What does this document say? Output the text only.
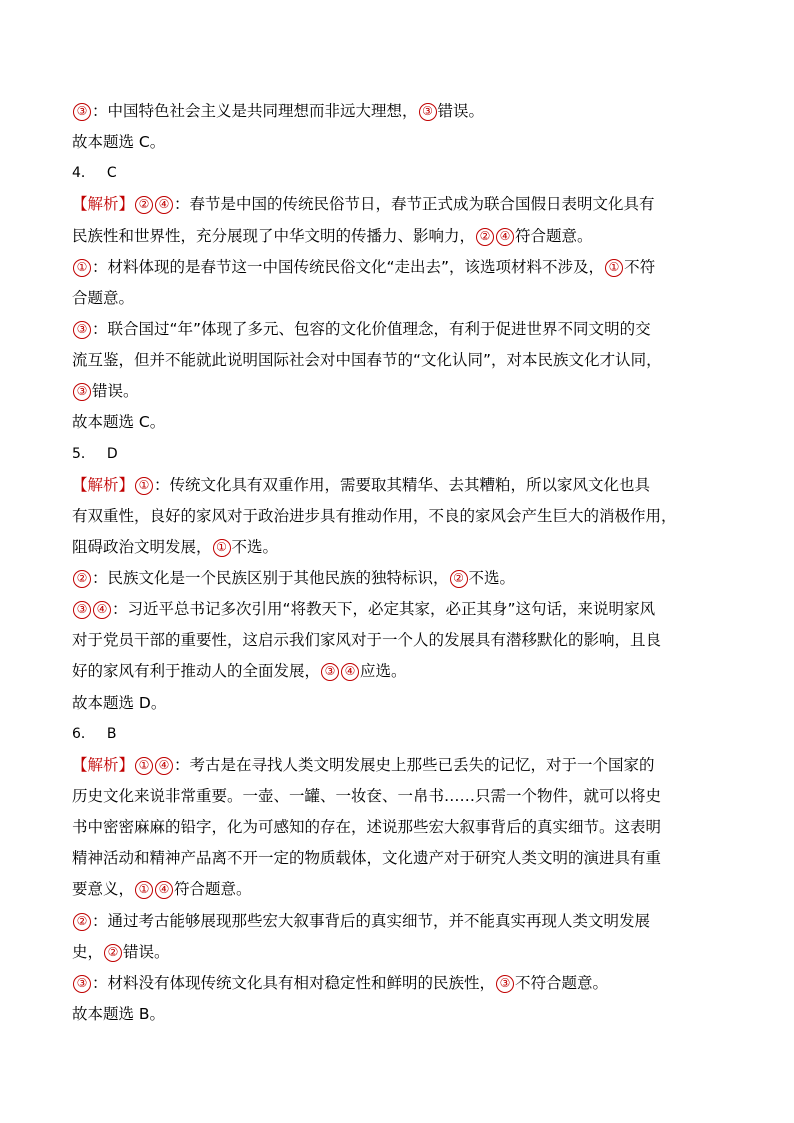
③ ：中国特色社会主义是共同理想而非远大理想， ③ 错误。
故本题选 C。
4． C
【解析】 ② ④ ：春节是中国的传统民俗节日，春节正式成为联合国假日表明文化具有
民族性和世界性，充分展现了中华文明的传播力、影响力， ② ④ 符合题意。
① ：材料体现的是春节这一中国传统民俗文化“走出去”，该选项材料不涉及， ① 不符
合题意。
③ ：联合国过“年”体现了多元、包容的文化价值理念，有利于促进世界不同文明的交
流互鉴，但并不能就此说明国际社会对中国春节的“文化认同”，对本民族文化才认同，
③ 错误。
故本题选 C。
5． D
【解析】 ① ：传统文化具有双重作用，需要取其精华、去其糟粕，所以家风文化也具
有双重性，良好的家风对于政治进步具有推动作用，不良的家风会产生巨大的消极作用，
阻碍政治文明发展， ① 不选。
② ：民族文化是一个民族区别于其他民族的独特标识， ② 不选。
③ ④ ：习近平总书记多次引用“将教天下，必定其家，必正其身”这句话，来说明家风
对于党员干部的重要性，这启示我们家风对于一个人的发展具有潜移默化的影响，且良
好的家风有利于推动人的全面发展， ③ ④ 应选。
故本题选 D。
6． B
【解析】 ① ④ ：考古是在寻找人类文明发展史上那些已丢失的记忆，对于一个国家的
历史文化来说非常重要。一壶、一罐、一妆奁、一帛书……只需一个物件，就可以将史
书中密密麻麻的铅字，化为可感知的存在，述说那些宏大叙事背后的真实细节。这表明
精神活动和精神产品离不开一定的物质载体，文化遗产对于研究人类文明的演进具有重
要意义， ① ④ 符合题意。
② ：通过考古能够展现那些宏大叙事背后的真实细节，并不能真实再现人类文明发展
史， ② 错误。
③ ：材料没有体现传统文化具有相对稳定性和鲜明的民族性， ③ 不符合题意。
故本题选 B。
